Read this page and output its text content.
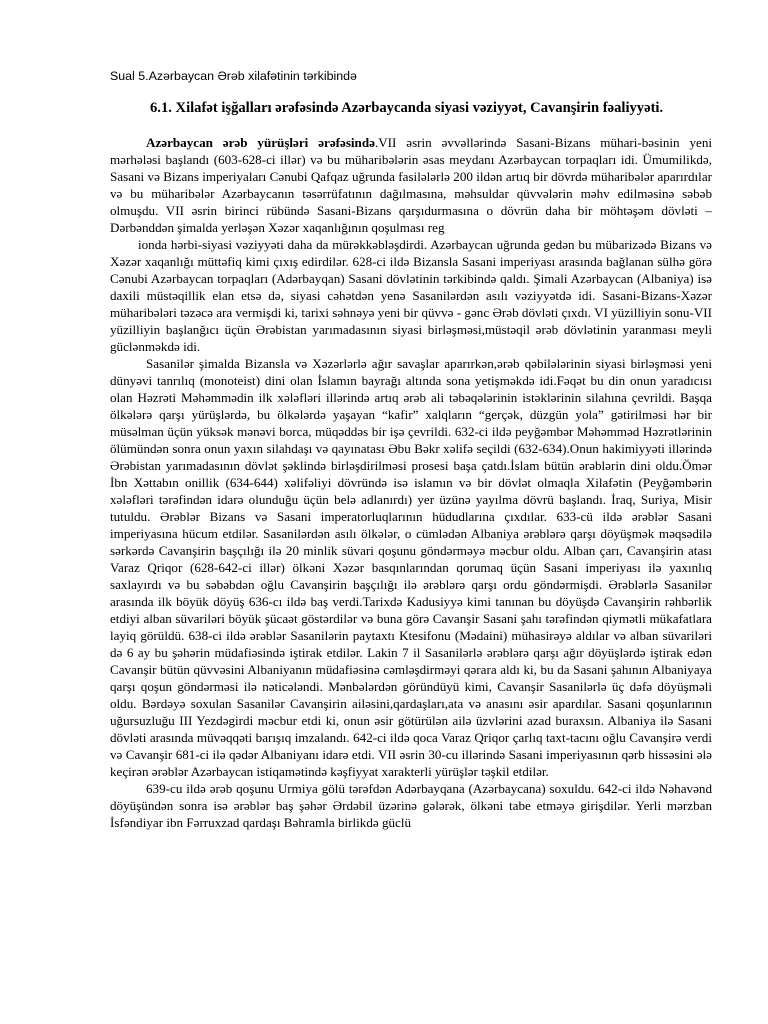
Sual 5.Azərbaycan Ərəb xilafətinin tərkibində
6.1. Xilafət işğalları ərəfəsində Azərbaycanda siyasi vəziyyət, Cavanşirin fəaliyyəti.

Azərbaycan ərəb yürüşləri ərəfəsində.VII əsrin əvvəllərində Sasani-Bizans mühari-bəsinin yeni mərhələsi başlandı (603-628-ci illər) və bu müharibələrin əsas meydanı Azərbaycan torpaqları idi. Ümumilikdə, Sasani və Bizans imperiyaları Cənubi Qafqaz uğrunda fasilələrlə 200 ildən artıq bir dövrdə müharibələr aparırdılar və bu müharibələr Azərbaycanın təsərrüfatının dağılmasına, məhsuldar qüvvələrin məhv edilməsinə səbəb olmuşdu. VII əsrin birinci rübündə Sasani-Bizans qarşıdurmasına o dövrün daha bir möhtəşəm dövləti – Dərbənddən şimalda yerləşən Xəzər xaqanlığının qoşulması reg

ionda hərbi-siyasi vəziyyəti daha da mürəkkəbləşdirdi. Azərbaycan uğrunda gedən bu mübarizədə Bizans və Xəzər xaqanlığı müttəfiq kimi çıxış edirdilər. 628-ci ildə Bizansla Sasani imperiyası arasında bağlanan sülhə görə Cənubi Azərbaycan torpaqları (Adərbayqan) Sasani dövlətinin tərkibində qaldı. Şimali Azərbaycan (Albaniya) isə daxili müstəqillik elan etsə də, siyasi cəhətdən yenə Sasanilərdən asılı vəziyyətdə idi. Sasani-Bizans-Xəzər müharibələri təzəcə ara vermişdi ki, tarixi səhnəyə yeni bir qüvvə - gənc Ərəb dövləti çıxdı. VI yüzilliyin sonu-VII yüzilliyin başlanğıcı üçün Ərəbistan yarımadasının siyasi birləşməsi,müstəqil ərəb dövlətinin yaranması meyli güclənməkdə idi.

Sasanilər şimalda Bizansla və Xəzərlərlə ağır savaşlar aparırkən,ərəb qəbilələrinin siyasi birləşməsi yeni dünyəvi tanrılıq (monoteist) dini olan İslamın bayrağı altında sona yetişməkdə idi.Fəqət bu din onun yaradıcısı olan Həzrəti Məhəmmədin ilk xələfləri illərində artıq ərəb ali təbəqələrinin istəklərinin silahına çevrildi. Başqa ölkələrə qarşı yürüşlərdə, bu ölkələrdə yaşayan “kafir” xalqların “gerçək, düzgün yola” gətirilməsi hər bir müsəlman üçün yüksək mənəvi borca, müqəddəs bir işə çevrildi. 632-ci ildə peyğəmbər Məhəmməd Həzrətlərinin ölümündən sonra onun yaxın silahdaşı və qayınatası Əbu Bəkr xəlifə seçildi (632-634).Onun hakimiyyəti illərində Ərəbistan yarımadasının dövlət şəklində birləşdirilməsi prosesi başa çatdı.İslam bütün ərəblərin dini oldu.Ömər İbn Xəttabın onillik (634-644) xəlifəliyi dövründə isə islamın və bir dövlət olmaqla Xilafətin (Peyğəmbərin xələfləri tərəfindən idarə olunduğu üçün belə adlanırdı) yer üzünə yayılma dövrü başlandı. İraq, Suriya, Misir tutuldu. Ərəblər Bizans və Sasani imperatorluqlarının hüdudlarına çıxdılar. 633-cü ildə ərəblər Sasani imperiyasına hücum etdilər. Sasanilərdən asılı ölkələr, o cümlədən Albaniya ərəblərə qarşı döyüşmək məqsədilə sərkərdə Cavanşirin başçılığı ilə 20 minlik süvari qoşunu göndərməyə məcbur oldu. Alban çarı, Cavanşirin atası Varaz Qriqor (628-642-ci illər) ölkəni Xəzər basqınlarından qorumaq üçün Sasani imperiyası ilə yaxınlıq saxlayırdı və bu səbəbdən oğlu Cavanşirin başçılığı ilə ərəblərə qarşı ordu göndərmişdi. Ərəblərlə Sasanilər arasında ilk böyük döyüş 636-cı ildə baş verdi.Tarixdə Kadusiyyə kimi tanınan bu döyüşdə Cavanşirin rəhbərlik etdiyi alban süvariləri böyük şücaət göstərdilər və buna görə Cavanşir Sasani şahı tərəfindən qiymətli mükafatlara layiq görüldü. 638-ci ildə ərəblər Sasanilərin paytaxtı Ktesifonu (Mədaini) mühasirəyə aldılar və alban süvariləri də 6 ay bu şəhərin müdafiəsində iştirak etdilər. Lakin 7 il Sasanilərlə ərəblərə qarşı ağır döyüşlərdə iştirak edən Cavanşir bütün qüvvəsini Albaniyanın müdafiəsinə cəmləşdirməyi qərara aldı ki, bu da Sasani şahının Albaniyaya qarşı qoşun göndərməsi ilə nəticələndi. Mənbələrdən göründüyü kimi, Cavanşir Sasanilərlə üç dəfə döyüşməli oldu. Bərdəyə soxulan Sasanilər Cavanşirin ailəsini,qardaşları,ata və anasını əsir apardılar. Sasani qoşunlarının uğursuzluğu III Yezdəgirdi məcbur etdi ki, onun əsir götürülən ailə üzvlərini azad buraxsın. Albaniya ilə Sasani dövləti arasında müvəqqəti barışıq imzalandı. 642-ci ildə qoca Varaz Qriqor çarlıq taxt-tacını oğlu Cavanşirə verdi və Cavanşir 681-ci ilə qədər Albaniyanı idarə etdi. VII əsrin 30-cu illərində Sasani imperiyasının qərb hissəsini ələ keçirən ərəblər Azərbaycan istiqamətində kəşfiyyat xarakterli yürüşlər təşkil etdilər.

639-cu ildə ərəb qoşunu Urmiya gölü tərəfdən Adərbayqana (Azərbaycana) soxuldu. 642-ci ildə Nəhavənd döyüşündən sonra isə ərəblər baş şəhər Ərdəbil üzərinə gələrək, ölkəni tabe etməyə girişdilər. Yerli mərzban İsfəndiyar ibn Fərruxzad qardaşı Bəhramla birlikdə güclü
